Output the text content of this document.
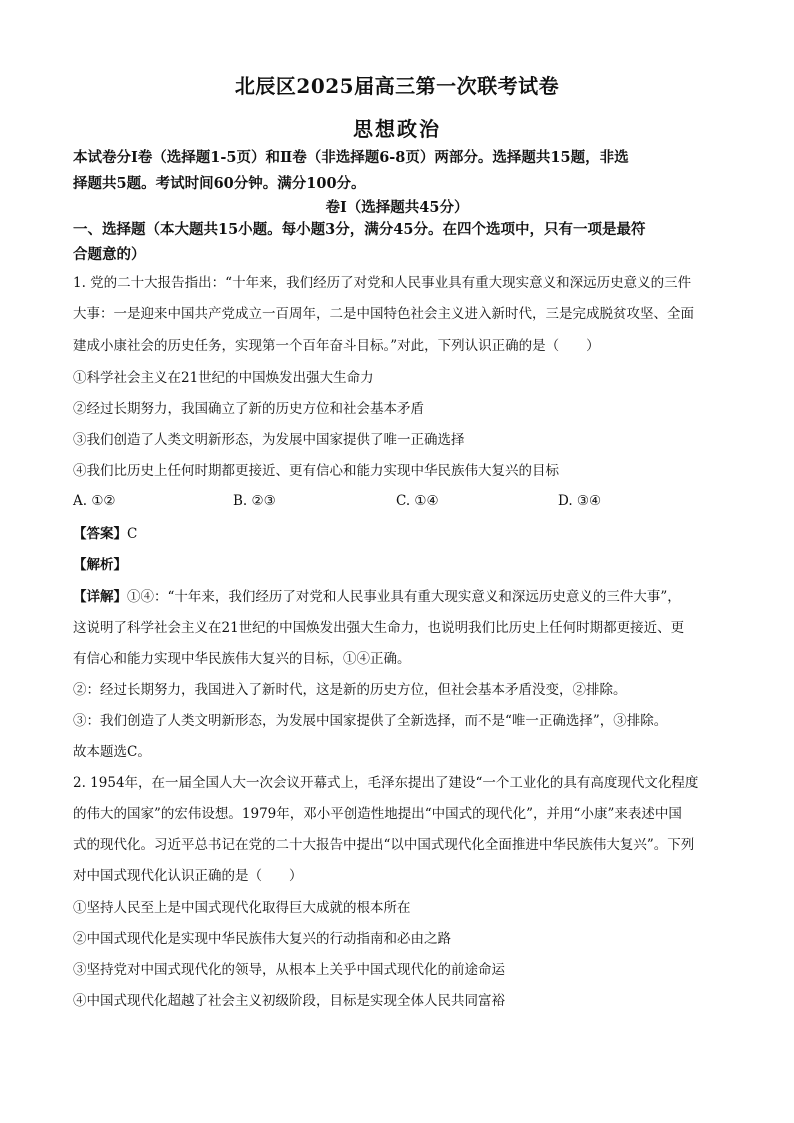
北辰区2025届高三第一次联考试卷
思想政治
本试卷分Ⅰ卷（选择题1-5页）和Ⅱ卷（非选择题6-8页）两部分。选择题共15题，非选
择题共5题。考试时间60分钟。满分100分。
卷Ⅰ（选择题共45分）
一、选择题（本大题共15小题。每小题3分，满分45分。在四个选项中，只有一项是最符
合题意的）
1. 党的二十大报告指出：“十年来，我们经历了对党和人民事业具有重大现实意义和深远历史意义的三件
大事：一是迎来中国共产党成立一百周年，二是中国特色社会主义进入新时代，三是完成脱贫攻坚、全面
建成小康社会的历史任务，实现第一个百年奋斗目标。”对此，下列认识正确的是（　　）
①科学社会主义在21世纪的中国焕发出强大生命力
②经过长期努力，我国确立了新的历史方位和社会基本矛盾
③我们创造了人类文明新形态，为发展中国家提供了唯一正确选择
④我们比历史上任何时期都更接近、更有信心和能力实现中华民族伟大复兴的目标
A. ①②	B. ②③	C. ①④	D. ③④
【答案】C
【解析】
【详解】①④：“十年来，我们经历了对党和人民事业具有重大现实意义和深远历史意义的三件大事”，
这说明了科学社会主义在21世纪的中国焕发出强大生命力，也说明我们比历史上任何时期都更接近、更
有信心和能力实现中华民族伟大复兴的目标，①④正确。
②：经过长期努力，我国进入了新时代，这是新的历史方位，但社会基本矛盾没变，②排除。
③：我们创造了人类文明新形态，为发展中国家提供了全新选择，而不是“唯一正确选择”，③排除。
故本题选C。
2. 1954年，在一届全国人大一次会议开幕式上，毛泽东提出了建设“一个工业化的具有高度现代文化程度
的伟大的国家”的宏伟设想。1979年，邓小平创造性地提出“中国式的现代化”，并用“小康”来表述中国
式的现代化。习近平总书记在党的二十大报告中提出“以中国式现代化全面推进中华民族伟大复兴”。下列
对中国式现代化认识正确的是（　　）
①坚持人民至上是中国式现代化取得巨大成就的根本所在
②中国式现代化是实现中华民族伟大复兴的行动指南和必由之路
③坚持党对中国式现代化的领导，从根本上关乎中国式现代化的前途命运
④中国式现代化超越了社会主义初级阶段，目标是实现全体人民共同富裕
